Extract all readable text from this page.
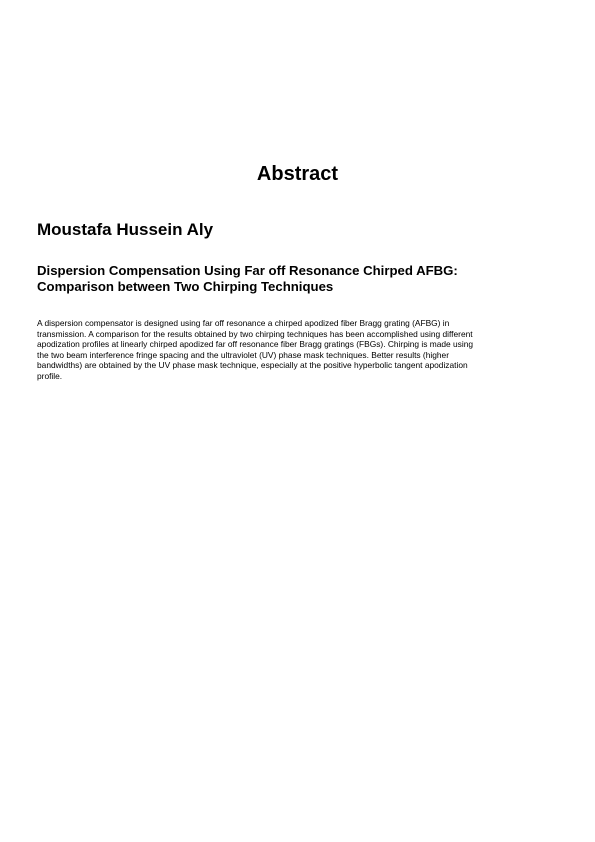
Abstract
Moustafa Hussein Aly
Dispersion Compensation Using Far off Resonance Chirped AFBG:
Comparison between Two Chirping Techniques

A dispersion compensator is designed using far off resonance a chirped apodized fiber Bragg grating (AFBG) in
transmission. A comparison for the results obtained by two chirping techniques has been accomplished using different
apodization profiles at linearly chirped apodized far off resonance fiber Bragg gratings (FBGs). Chirping is made using
the two beam interference fringe spacing and the ultraviolet (UV) phase mask techniques. Better results (higher
bandwidths) are obtained by the UV phase mask technique, especially at the positive hyperbolic tangent apodization
profile.
